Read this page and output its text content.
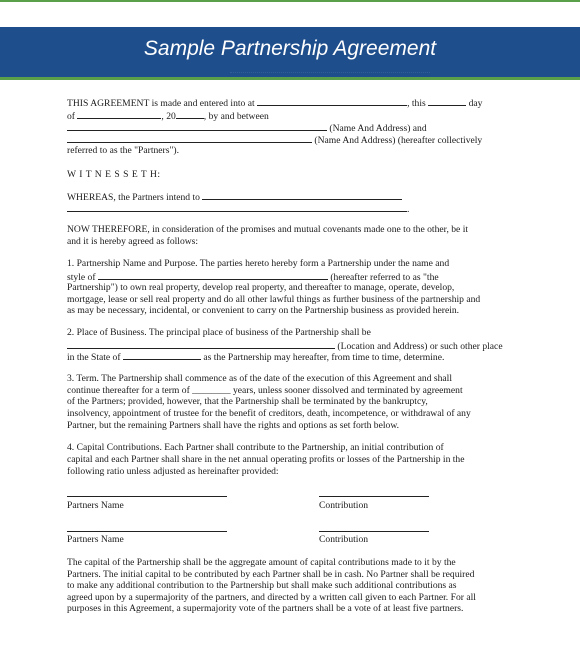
Sample Partnership Agreement
THIS AGREEMENT is made and entered into at	, this	day
of	, 20	, by and between
(Name And Address) and
(Name And Address) (hereafter collectively
referred to as the "Partners").
W I T N E S S E T H:
WHEREAS, the Partners intend to
.
NOW THEREFORE, in consideration of the promises and mutual covenants made one to the other, be it
and it is hereby agreed as follows:
1. Partnership Name and Purpose. The parties hereto hereby form a Partnership under the name and
style of	(hereafter referred to as "the
Partnership") to own real property, develop real property, and thereafter to manage, operate, develop,
mortgage, lease or sell real property and do all other lawful things as further business of the partnership and
as may be necessary, incidental, or convenient to carry on the Partnership business as provided herein.
2. Place of Business. The principal place of business of the Partnership shall be
(Location and Address) or such other place
in the State of	as the Partnership may hereafter, from time to time, determine.
3. Term. The Partnership shall commence as of the date of the execution of this Agreement and shall
continue thereafter for a term of ________ years, unless sooner dissolved and terminated by agreement
of the Partners; provided, however, that the Partnership shall be terminated by the bankruptcy,
insolvency, appointment of trustee for the benefit of creditors, death, incompetence, or withdrawal of any
Partner, but the remaining Partners shall have the rights and options as set forth below.
4. Capital Contributions. Each Partner shall contribute to the Partnership, an initial contribution of
capital and each Partner shall share in the net annual operating profits or losses of the Partnership in the
following ratio unless adjusted as hereinafter provided:
Partners Name	Contribution
Partners Name	Contribution
The capital of the Partnership shall be the aggregate amount of capital contributions made to it by the
Partners. The initial capital to be contributed by each Partner shall be in cash. No Partner shall be required
to make any additional contribution to the Partnership but shall make such additional contributions as
agreed upon by a supermajority of the partners, and directed by a written call given to each Partner. For all
purposes in this Agreement, a supermajority vote of the partners shall be a vote of at least five partners.
